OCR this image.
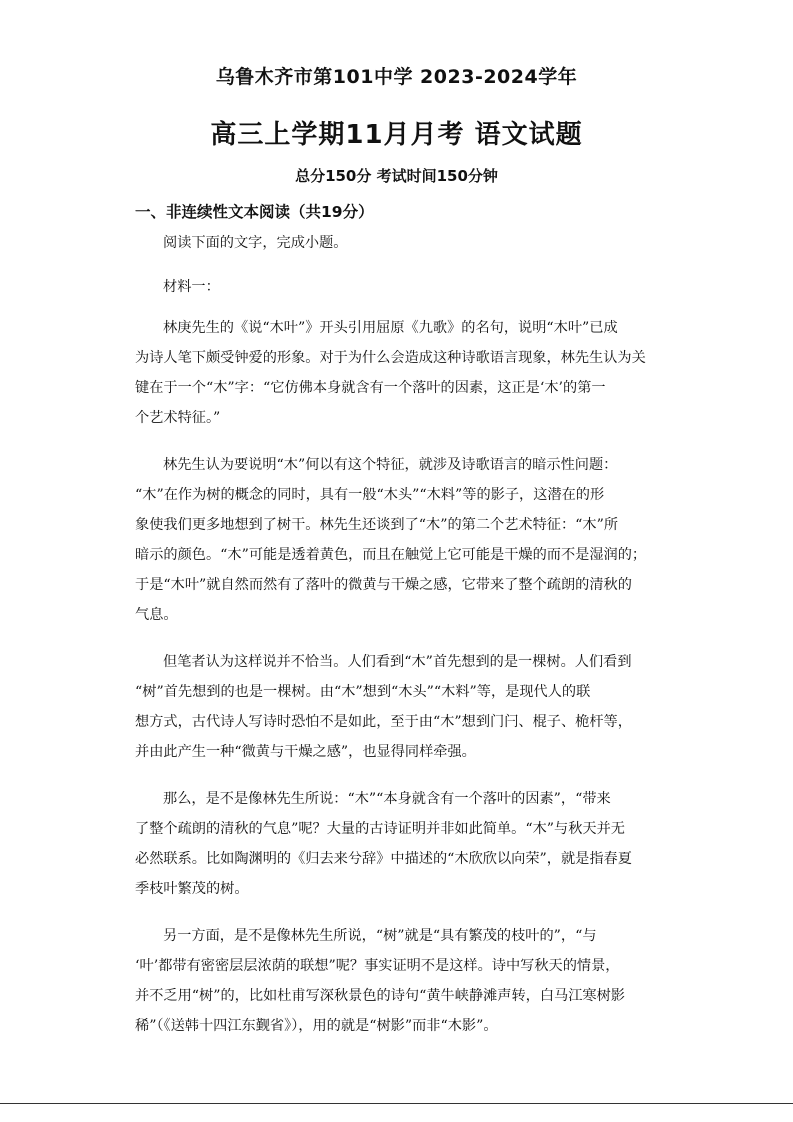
乌鲁木齐市第101中学 2023-2024学年
高三上学期11月月考 语文试题
总分150分 考试时间150分钟
一、非连续性文本阅读（共19分）
阅读下面的文字，完成小题。
材料一：
林庚先生的《说“木叶”》开头引用屈原《九歌》的名句，说明“木叶”已成
为诗人笔下颇受钟爱的形象。对于为什么会造成这种诗歌语言现象，林先生认为关
键在于一个“木”字：“它仿佛本身就含有一个落叶的因素，这正是‘木’的第一
个艺术特征。”
林先生认为要说明“木”何以有这个特征，就涉及诗歌语言的暗示性问题：
“木”在作为树的概念的同时，具有一般“木头”“木料”等的影子，这潜在的形
象使我们更多地想到了树干。林先生还谈到了“木”的第二个艺术特征：“木”所
暗示的颜色。“木”可能是透着黄色，而且在触觉上它可能是干燥的而不是湿润的；
于是“木叶”就自然而然有了落叶的微黄与干燥之感，它带来了整个疏朗的清秋的
气息。
但笔者认为这样说并不恰当。人们看到“木”首先想到的是一棵树。人们看到
“树”首先想到的也是一棵树。由“木”想到“木头”“木料”等，是现代人的联
想方式，古代诗人写诗时恐怕不是如此，至于由“木”想到门闩、棍子、桅杆等，
并由此产生一种“微黄与干燥之感”，也显得同样牵强。
那么，是不是像林先生所说：“木”“本身就含有一个落叶的因素”，“带来
了整个疏朗的清秋的气息”呢？大量的古诗证明并非如此简单。“木”与秋天并无
必然联系。比如陶渊明的《归去来兮辞》中描述的“木欣欣以向荣”，就是指春夏
季枝叶繁茂的树。
另一方面，是不是像林先生所说，“树”就是“具有繁茂的枝叶的”，“与
‘叶’都带有密密层层浓荫的联想”呢？事实证明不是这样。诗中写秋天的情景，
并不乏用“树”的，比如杜甫写深秋景色的诗句“黄牛峡静滩声转，白马江寒树影
稀”（《送韩十四江东觐省》），用的就是“树影”而非“木影”。
